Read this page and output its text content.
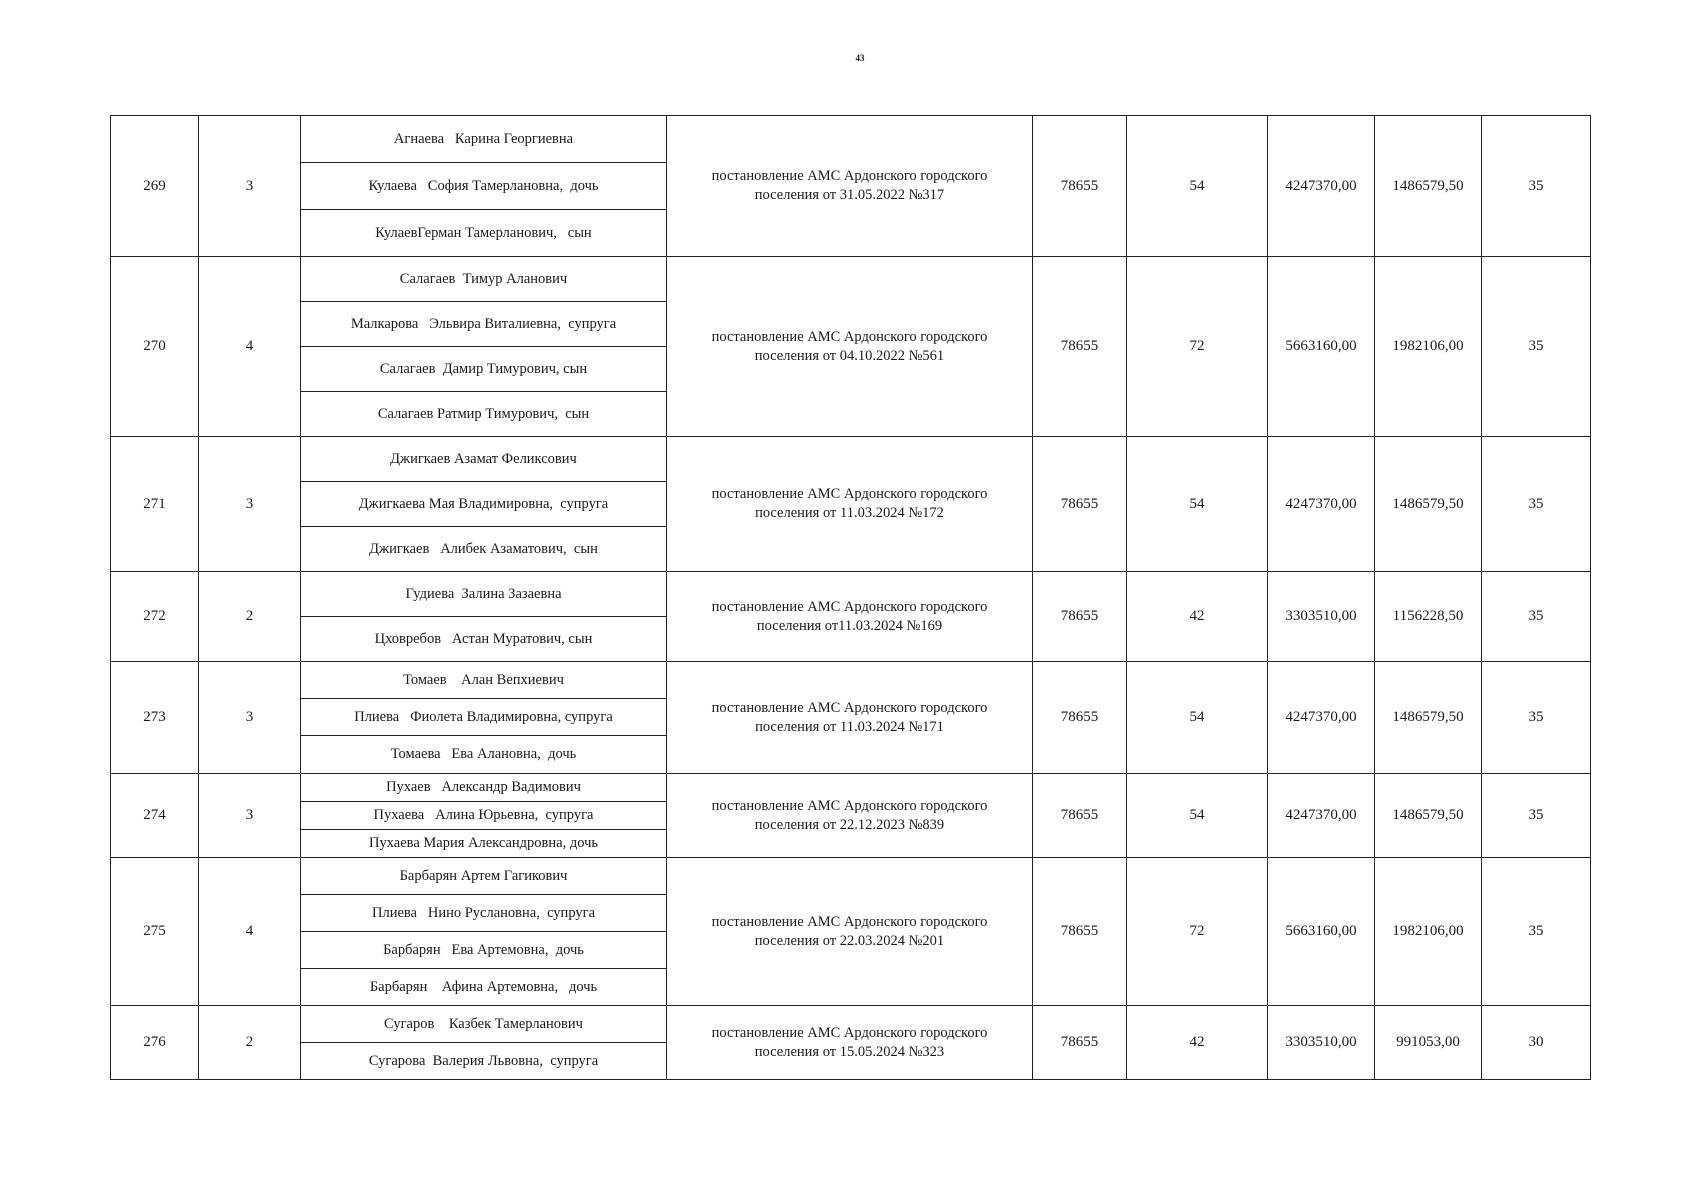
43
269	3	Агнаева   Карина Георгиевна	постановление АМС Ардонского городского поселения от 31.05.2022 №317	78655	54	4247370,00	1486579,50	35
		Кулаева   София Тамерлановна,  дочь						
		КулаевГерман Тамерланович,   сын						
270	4	Салагаев  Тимур Аланович	постановление АМС Ардонского городского поселения от 04.10.2022 №561	78655	72	5663160,00	1982106,00	35
		Малкарова   Эльвира Виталиевна,  супруга						
		Салагаев  Дамир Тимурович, сын						
		Салагаев Ратмир Тимурович,  сын						
271	3	Джигкаев Азамат Феликсович	постановление АМС Ардонского городского поселения от 11.03.2024 №172	78655	54	4247370,00	1486579,50	35
		Джигкаева Мая Владимировна,  супруга						
		Джигкаев   Алибек Азаматович,  сын						
272	2	Гудиева  Залина Зазаевна	постановление АМС Ардонского городского поселения от11.03.2024 №169	78655	42	3303510,00	1156228,50	35
		Цховребов   Астан Муратович, сын						
273	3	Томаев    Алан Вепхиевич	постановление АМС Ардонского городского поселения от 11.03.2024 №171	78655	54	4247370,00	1486579,50	35
		Плиева   Фиолета Владимировна, супруга						
		Томаева   Ева Алановна,  дочь						
274	3	Пухаев   Александр Вадимович	постановление АМС Ардонского городского поселения от 22.12.2023 №839	78655	54	4247370,00	1486579,50	35
		Пухаева   Алина Юрьевна,  супруга						
		Пухаева Мария Александровна, дочь						
275	4	Барбарян Артем Гагикович	постановление АМС Ардонского городского поселения от 22.03.2024 №201	78655	72	5663160,00	1982106,00	35
		Плиева   Нино Руслановна,  супруга						
		Барбарян   Ева Артемовна,  дочь						
		Барбарян    Афина Артемовна,   дочь						
276	2	Сугаров    Казбек Тамерланович	постановление АМС Ардонского городского поселения от 15.05.2024 №323	78655	42	3303510,00	991053,00	30
		Сугарова  Валерия Львовна,  супруга						
